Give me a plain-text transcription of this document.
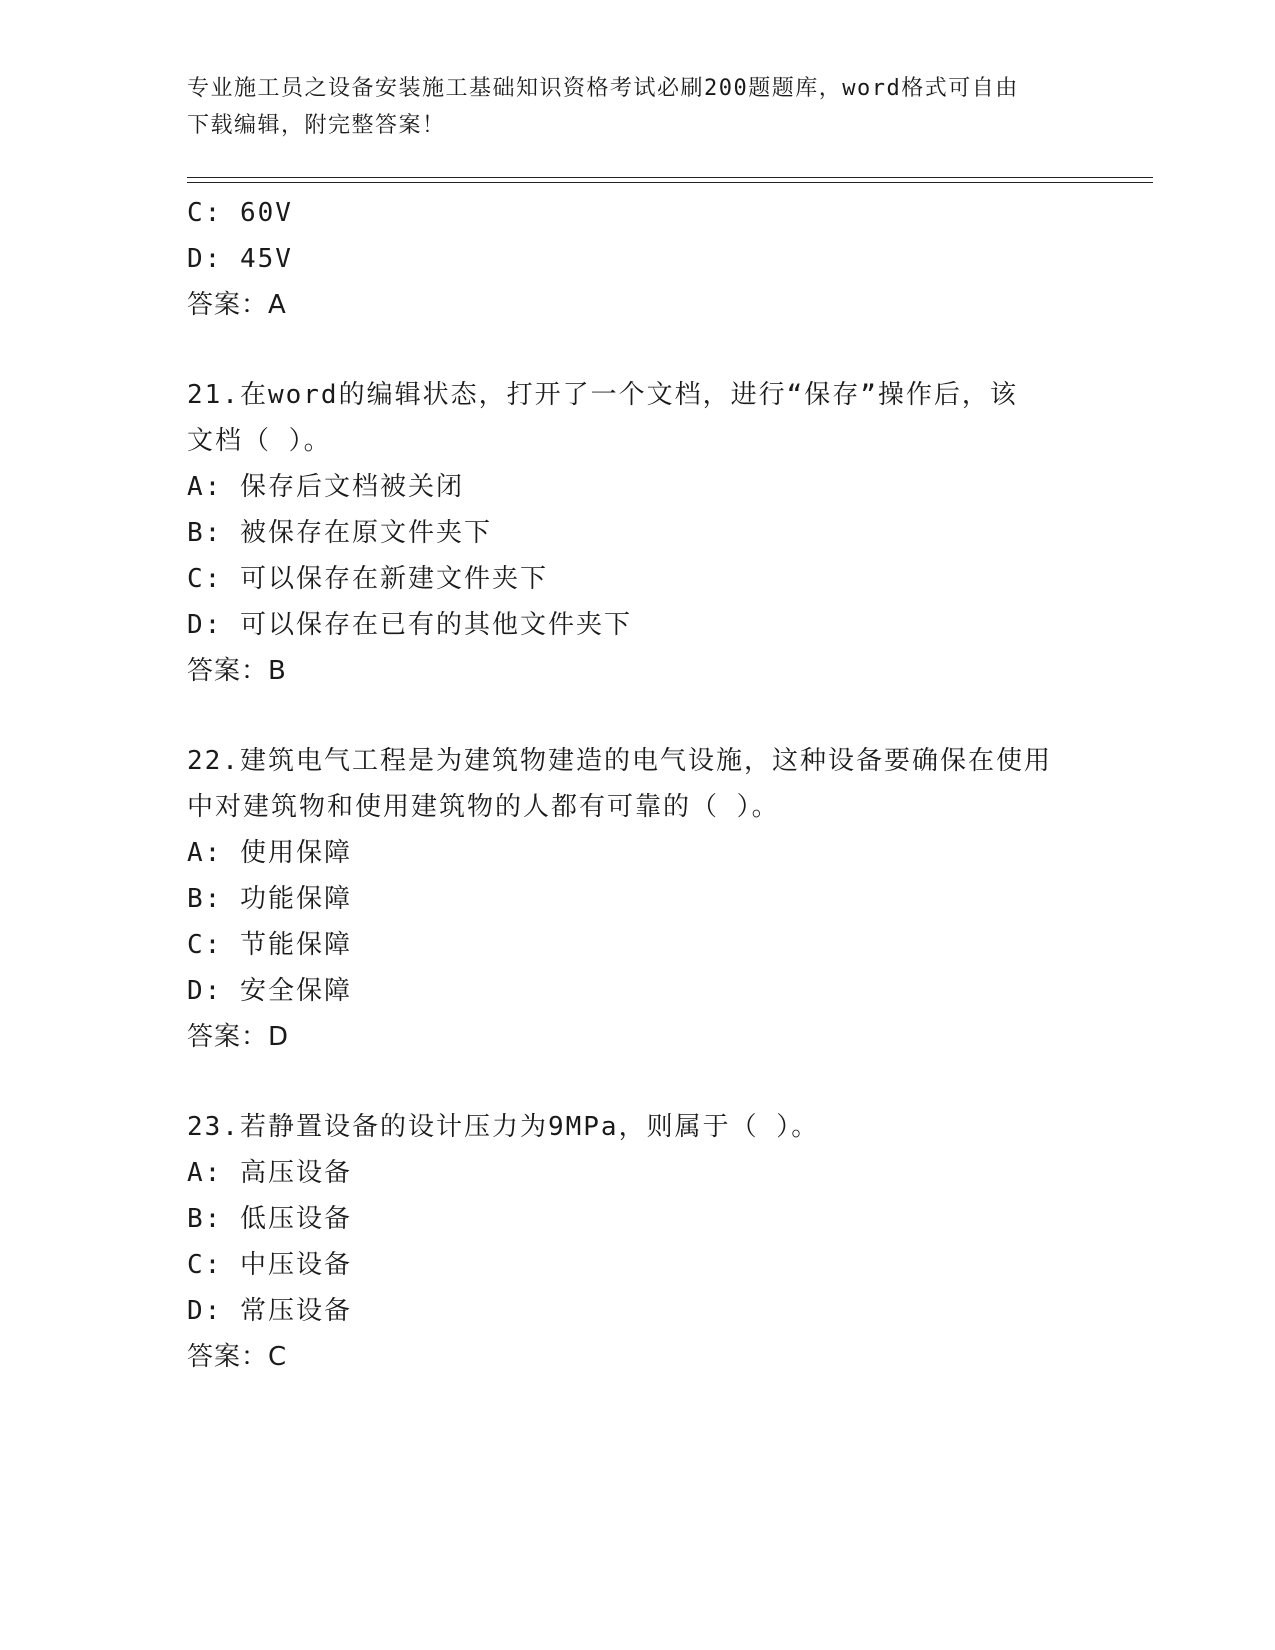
专业施工员之设备安装施工基础知识资格考试必刷200题题库，word格式可自由
下载编辑，附完整答案！
C: 60V
D: 45V
答案：A
21.在word的编辑状态，打开了一个文档，进行“保存”操作后，该
文档（ ）。
A: 保存后文档被关闭
B: 被保存在原文件夹下
C: 可以保存在新建文件夹下
D: 可以保存在已有的其他文件夹下
答案：B
22.建筑电气工程是为建筑物建造的电气设施，这种设备要确保在使用
中对建筑物和使用建筑物的人都有可靠的（ ）。
A: 使用保障
B: 功能保障
C: 节能保障
D: 安全保障
答案：D
23.若静置设备的设计压力为9MPa，则属于（ ）。
A: 高压设备
B: 低压设备
C: 中压设备
D: 常压设备
答案：C
